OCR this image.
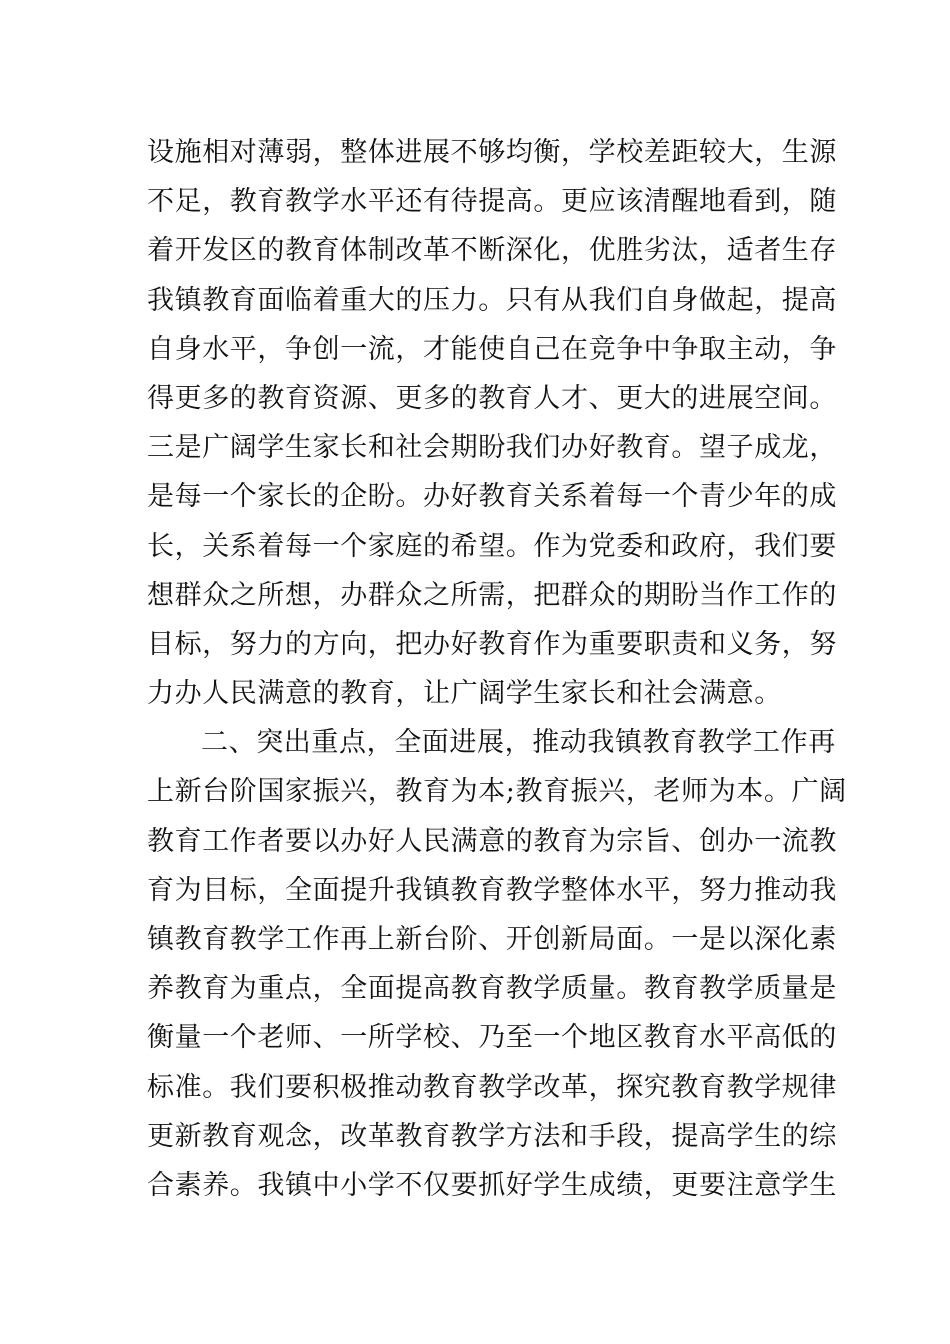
设施相对薄弱，整体进展不够均衡，学校差距较大，生源
不足，教育教学水平还有待提高。更应该清醒地看到，随
着开发区的教育体制改革不断深化，优胜劣汰，适者生存
我镇教育面临着重大的压力。只有从我们自身做起，提高
自身水平，争创一流，才能使自己在竞争中争取主动，争
得更多的教育资源、更多的教育人才、更大的进展空间。
三是广阔学生家长和社会期盼我们办好教育。望子成龙，
是每一个家长的企盼。办好教育关系着每一个青少年的成
长，关系着每一个家庭的希望。作为党委和政府，我们要
想群众之所想，办群众之所需，把群众的期盼当作工作的
目标，努力的方向，把办好教育作为重要职责和义务，努
力办人民满意的教育，让广阔学生家长和社会满意。
二、突出重点，全面进展，推动我镇教育教学工作再
上新台阶国家振兴，教育为本;教育振兴，老师为本。广阔
教育工作者要以办好人民满意的教育为宗旨、创办一流教
育为目标，全面提升我镇教育教学整体水平，努力推动我
镇教育教学工作再上新台阶、开创新局面。一是以深化素
养教育为重点，全面提高教育教学质量。教育教学质量是
衡量一个老师、一所学校、乃至一个地区教育水平高低的
标准。我们要积极推动教育教学改革，探究教育教学规律
更新教育观念，改革教育教学方法和手段，提高学生的综
合素养。我镇中小学不仅要抓好学生成绩，更要注意学生
